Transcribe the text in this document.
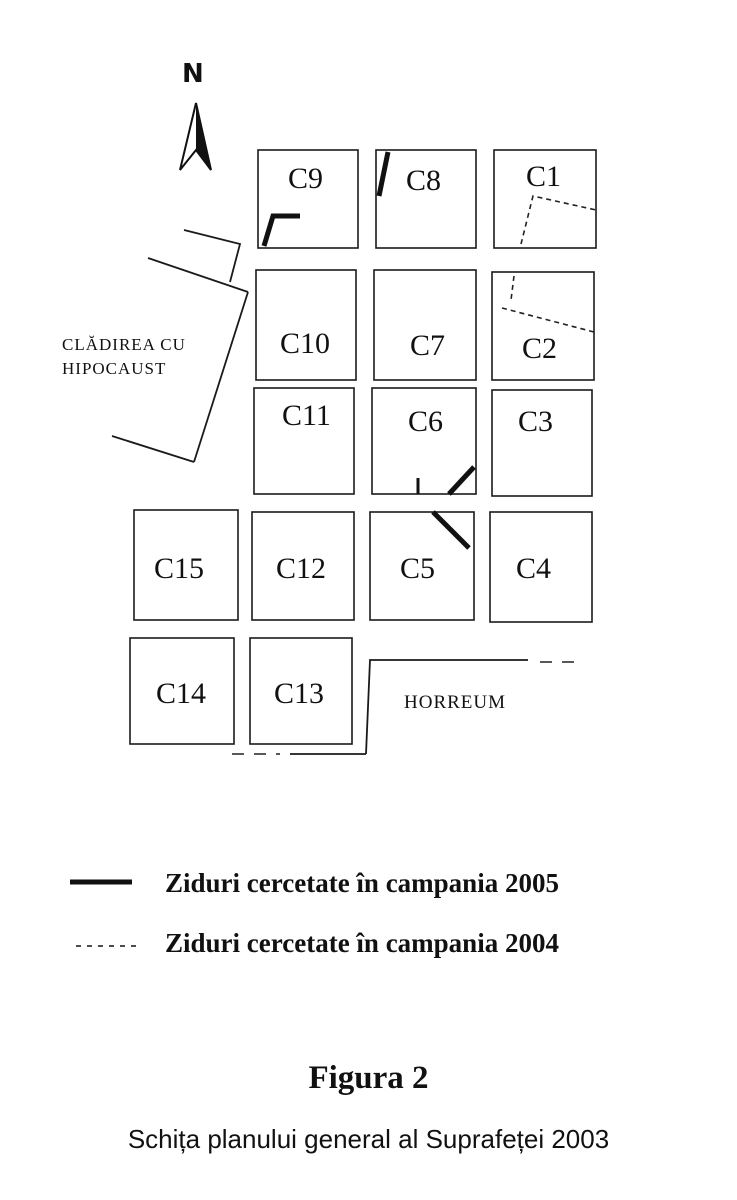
N
C9	C8	C1
C10	C7	C2
C11	C6 C3
C15 C12 C5	C4
C14 C13
CLĂDIREA CU
HIPOCAUST
HORREUM
Ziduri cercetate în campania 2005
Ziduri cercetate în campania 2004
Figura 2
Schița planului general al Suprafeței 2003
